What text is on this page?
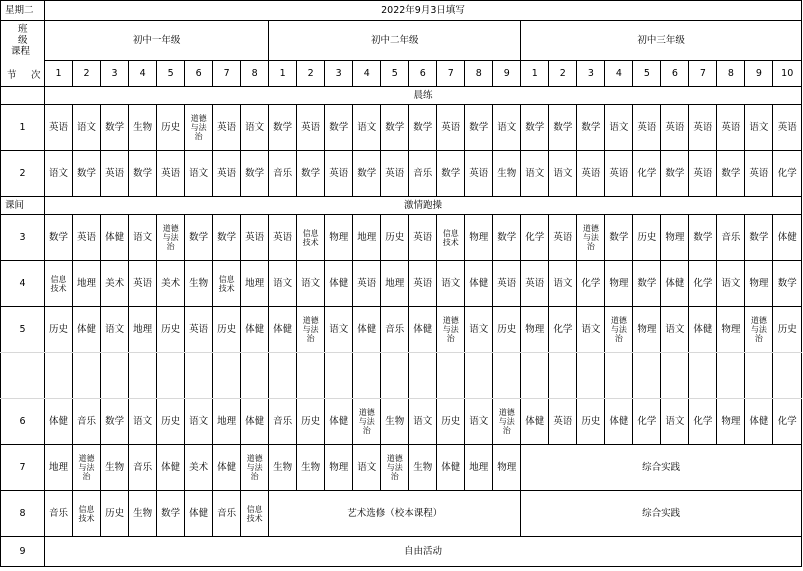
星期二	2022年9月3日填写																										

班
级
课程
节 次	初中一年级								初中二年级									初中三年级									
	1	2	3	4	5	6	7	8	1	2	3	4	5	6	7	8	9	1	2	3	4	5	6	7	8	9	10
	晨练																										
1	英语	语文	数学	生物	历史	道德
与法
治	英语	语文	数学	英语	数学	语文	数学	数学	英语	数学	语文	数学	数学	数学	语文	英语	英语	英语	英语	语文	英语
2	语文	数学	英语	数学	英语	语文	英语	数学	音乐	数学	英语	数学	英语	音乐	数学	英语	生物	语文	语文	英语	英语	化学	数学	英语	数学	英语	化学
课间	激情跑操																										
3	数学	英语	体健	语文	道德
与法
治	数学	数学	英语	英语	信息
技术	物理	地理	历史	英语	信息
技术	物理	数学	化学	英语	道德
与法
治	数学	历史	物理	数学	音乐	数学	体健
4	信息
技术	地理	美术	英语	美术	生物	信息
技术	地理	语文	语文	体健	英语	地理	英语	语文	体健	英语	英语	语文	化学	物理	数学	体健	化学	语文	物理	数学
5	历史	体健	语文	地理	历史	英语	历史	体健	体健	道德
与法
治	语文	体健	音乐	体健	道德
与法
治	语文	历史	物理	化学	语文	道德
与法
治	物理	语文	体健	物理	道德
与法
治	历史

6	体健	音乐	数学	语文	历史	语文	地理	体健	音乐	历史	体健	道德
与法
治	生物	语文	历史	语文	道德
与法
治	体健	英语	历史	体健	化学	语文	化学	物理	体健	化学
7	地理	道德
与法
治	生物	音乐	体健	美术	体健	道德
与法
治	生物	生物	物理	语文	道德
与法
治	生物	体健	地理	物理	综合实践									
8	音乐	信息
技术	历史	生物	数学	体健	音乐	信息
技术	艺术选修（校本课程）									综合实践									
9	自由活动																										
